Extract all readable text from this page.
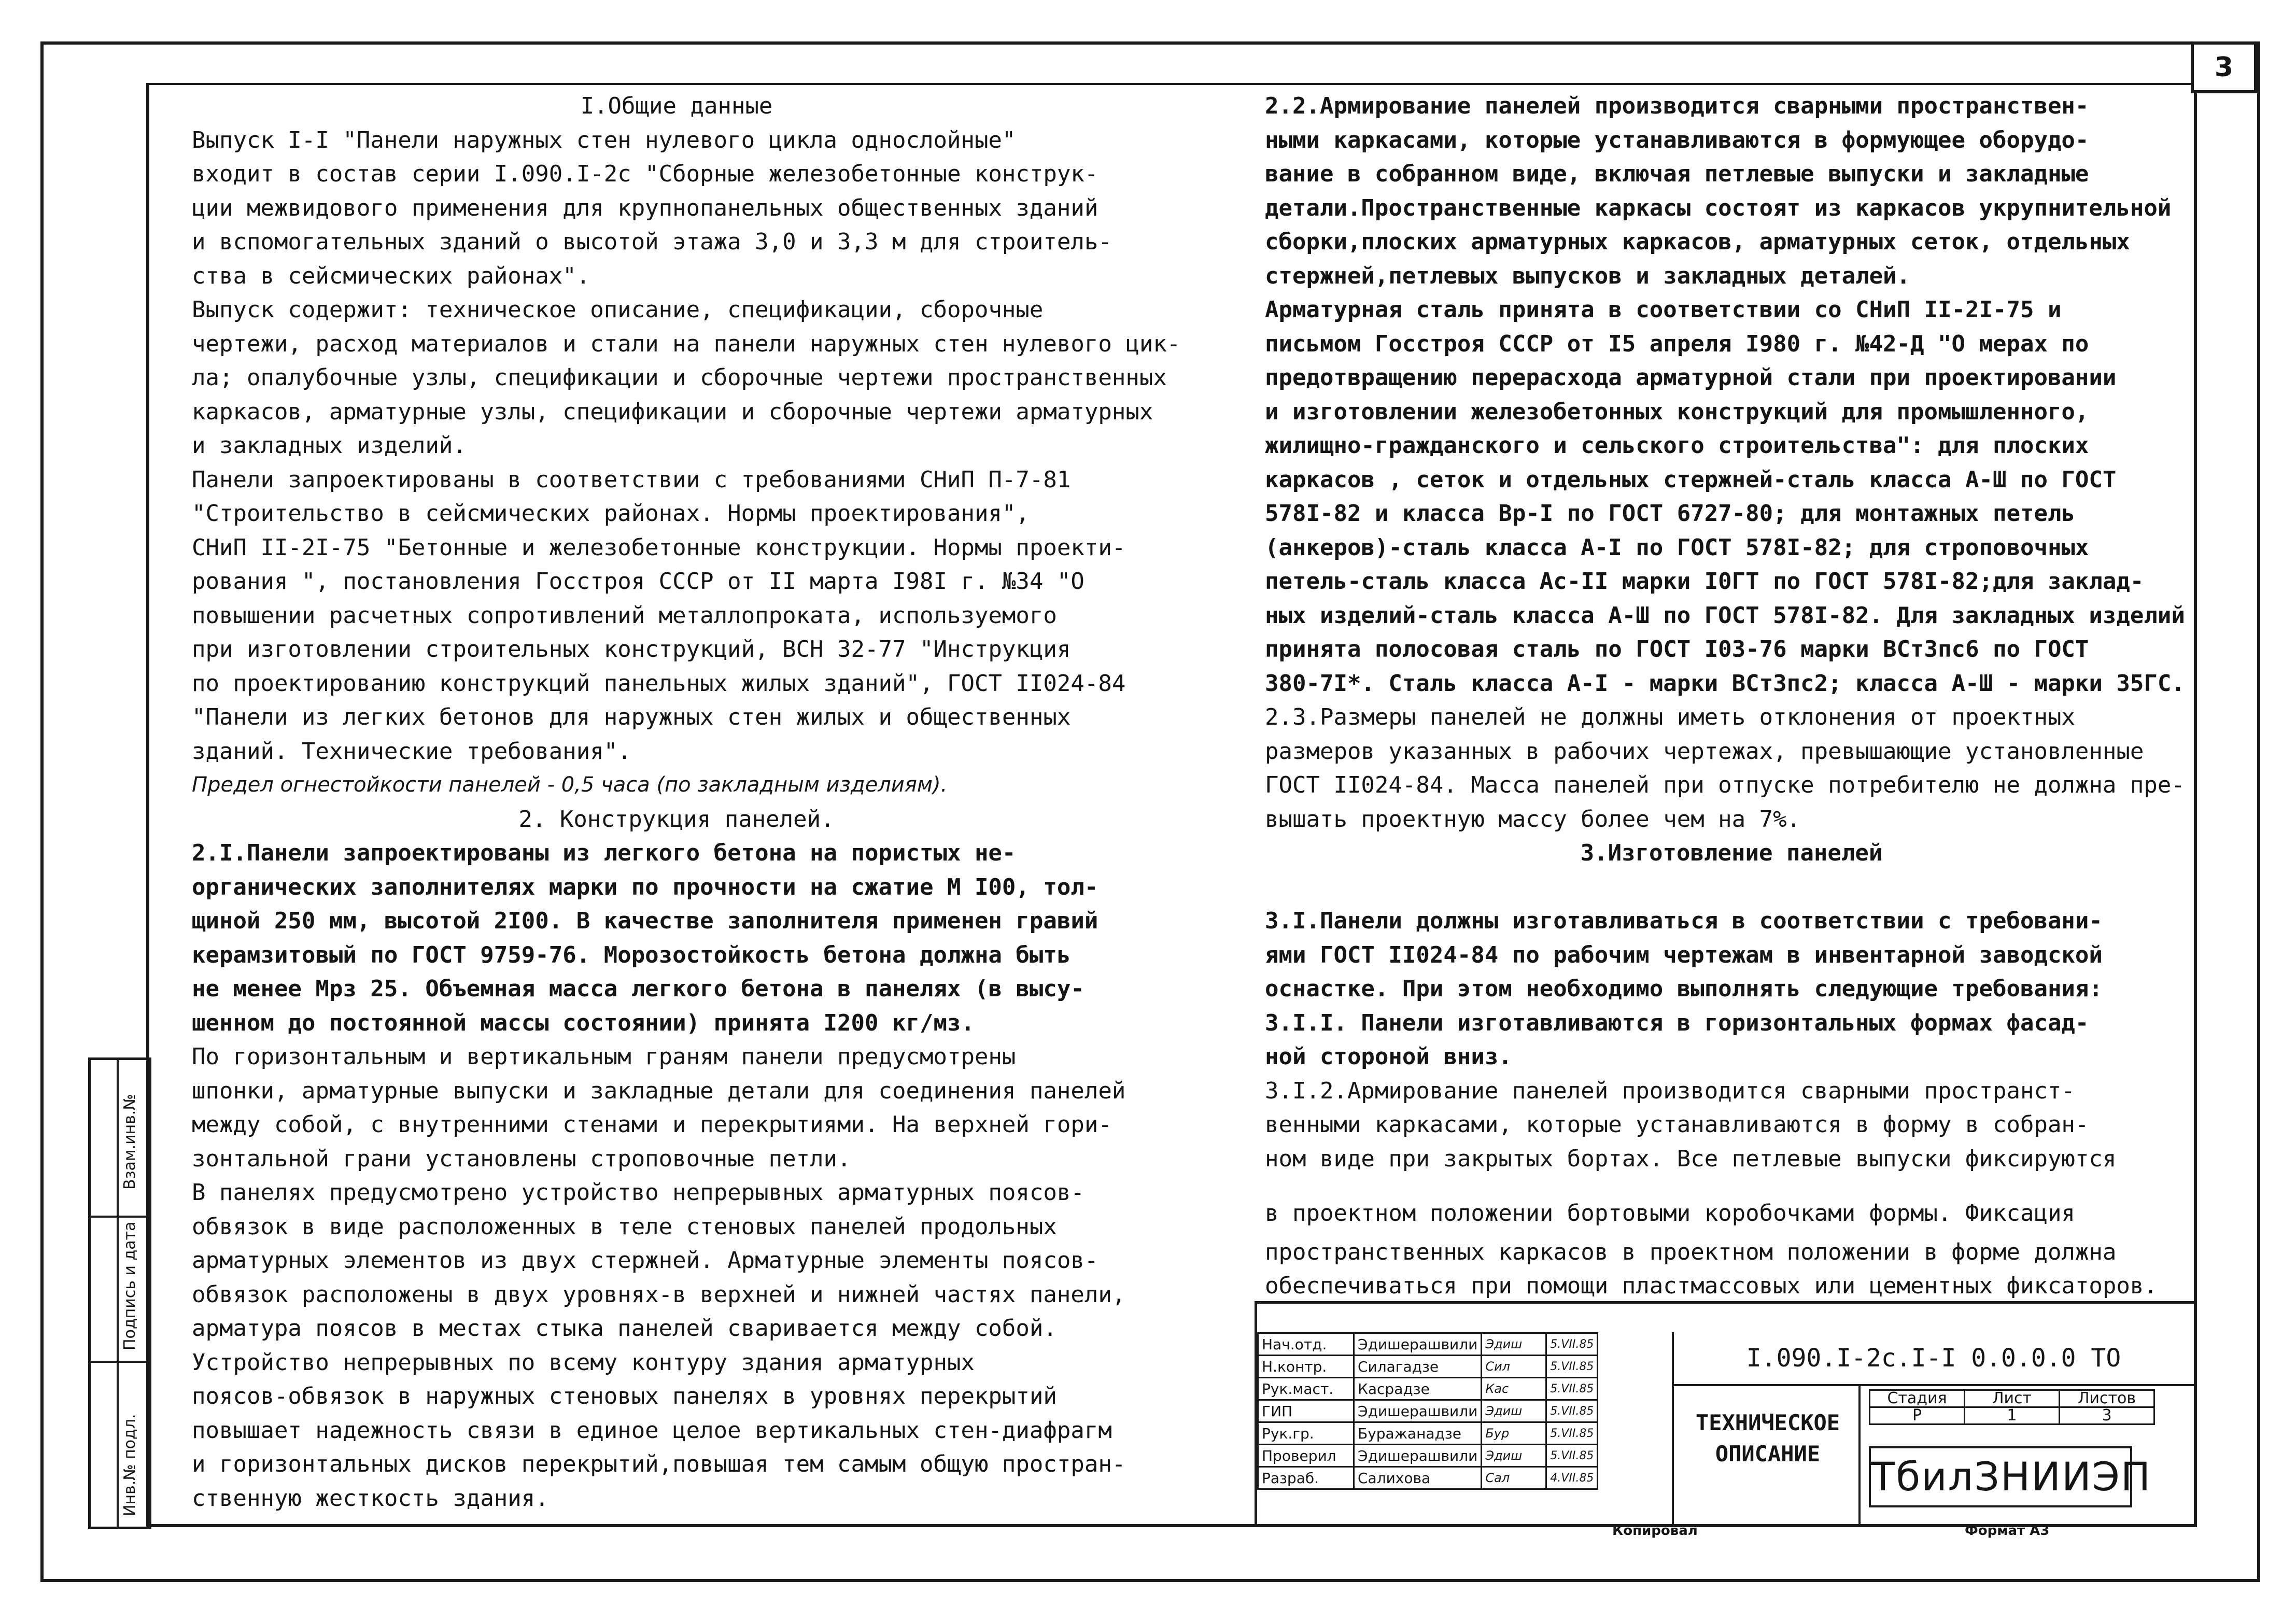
3

I.Общие данные

Выпуск I-I "Панели наружных стен нулевого цикла однослойные"

входит в состав серии I.090.I-2с "Сборные железобетонные конструк-

ции межвидового применения для крупнопанельных общественных зданий

и вспомогательных зданий о высотой этажа 3,0 и 3,3 м для строитель-

ства в сейсмических районах".

Выпуск содержит: техническое описание, спецификации, сборочные

чертежи, расход материалов и стали на панели наружных стен нулевого цик-

ла; опалубочные узлы, спецификации и сборочные чертежи пространственных

каркасов, арматурные узлы, спецификации и сборочные чертежи арматурных

и закладных изделий.

Панели запроектированы в соответствии с требованиями СНиП П-7-81

"Строительство в сейсмических районах. Нормы проектирования",

СНиП II-2I-75 "Бетонные и железобетонные конструкции. Нормы проекти-

рования ", постановления Госстроя СССР от II марта I98I г. №34 "О

повышении расчетных сопротивлений металлопроката, используемого

при изготовлении строительных конструкций, ВСН 32-77 "Инструкция

по проектированию конструкций панельных жилых зданий", ГОСТ II024-84

"Панели из легких бетонов для наружных стен жилых и общественных

зданий. Технические требования".

Предел огнестойкости панелей - 0,5 часа (по закладным изделиям).

2. Конструкция панелей.

2.I.Панели запроектированы из легкого бетона на пористых не-

органических заполнителях марки по прочности на сжатие М I00, тол-

щиной 250 мм, высотой 2I00. В качестве заполнителя применен гравий

керамзитовый по ГОСТ 9759-76. Морозостойкость бетона должна быть

не менее Мрз 25. Объемная масса легкого бетона в панелях (в высу-

шенном до постоянной массы состоянии) принята I200 кг/мз.

По горизонтальным и вертикальным граням панели предусмотрены

шпонки, арматурные выпуски и закладные детали для соединения панелей

между собой, с внутренними стенами и перекрытиями. На верхней гори-

зонтальной грани установлены строповочные петли.

В панелях предусмотрено устройство непрерывных арматурных поясов-

обвязок в виде расположенных в теле стеновых панелей продольных

арматурных элементов из двух стержней. Арматурные элементы поясов-

обвязок расположены в двух уровнях-в верхней и нижней частях панели,

арматура поясов в местах стыка панелей сваривается между собой.

Устройство непрерывных по всему контуру здания арматурных

поясов-обвязок в наружных стеновых панелях в уровнях перекрытий

повышает надежность связи в единое целое вертикальных стен-диафрагм

и горизонтальных дисков перекрытий,повышая тем самым общую простран-

ственную жесткость здания.

2.2.Армирование панелей производится сварными пространствен-

ными каркасами, которые устанавливаются в формующее оборудо-

вание в собранном виде, включая петлевые выпуски и закладные

детали.Пространственные каркасы состоят из каркасов укрупнительной

сборки,плоских арматурных каркасов, арматурных сеток, отдельных

стержней,петлевых выпусков и закладных деталей.

Арматурная сталь принята в соответствии со СНиП II-2I-75 и

письмом Госстроя СССР от I5 апреля I980 г. №42-Д "О мерах по

предотвращению перерасхода арматурной стали при проектировании

и изготовлении железобетонных конструкций для промышленного,

жилищно-гражданского и сельского строительства": для плоских

каркасов , сеток и отдельных стержней-сталь класса А-Ш по ГОСТ

578I-82 и класса Вр-I по ГОСТ 6727-80; для монтажных петель

(анкеров)-сталь класса А-I по ГОСТ 578I-82; для строповочных

петель-сталь класса Ас-II марки I0ГТ по ГОСТ 578I-82;для заклад-

ных изделий-сталь класса А-Ш по ГОСТ 578I-82. Для закладных изделий

принята полосовая сталь по ГОСТ I03-76 марки ВСт3пс6 по ГОСТ

380-7I*. Сталь класса А-I - марки ВСт3пс2; класса А-Ш - марки 35ГС.

2.3.Размеры панелей не должны иметь отклонения от проектных

размеров указанных в рабочих чертежах, превышающие установленные

ГОСТ II024-84. Масса панелей при отпуске потребителю не должна пре-

вышать проектную массу более чем на 7%.

3.Изготовление панелей

3.I.Панели должны изготавливаться в соответствии с требовани-

ями ГОСТ II024-84 по рабочим чертежам в инвентарной заводской

оснастке. При этом необходимо выполнять следующие требования:

3.I.I. Панели изготавливаются в горизонтальных формах фасад-

ной стороной вниз.

3.I.2.Армирование панелей производится сварными пространст-

венными каркасами, которые устанавливаются в форму в собран-

ном виде при закрытых бортах. Все петлевые выпуски фиксируются

в проектном положении бортовыми коробочками формы. Фиксация

пространственных каркасов в проектном положении в форме должна

обеспечиваться при помощи пластмассовых или цементных фиксаторов.

Взам.инв.№
Подпись и дата
Инв.№ подл.
Нач.отд.	Эдишерашвили	Эдиш	5.VII.85
Н.контр.	Силагадзе	Сил	5.VII.85
Рук.маст.	Касрадзе	Кас	5.VII.85
ГИП	Эдишерашвили	Эдиш	5.VII.85
Рук.гр.	Буражанадзе	Бур	5.VII.85
Проверил	Эдишерашвили	Эдиш	5.VII.85
Разраб.	Салихова	Сал	4.VII.85
I.090.I-2с.I-I 0.0.0.0 ТО
ТЕХНИЧЕСКОЕ
ОПИСАНИЕ
Стадия	Лист	Листов
Р	1	3
ТбилЗНИИЭП
Копировал	Формат А3
